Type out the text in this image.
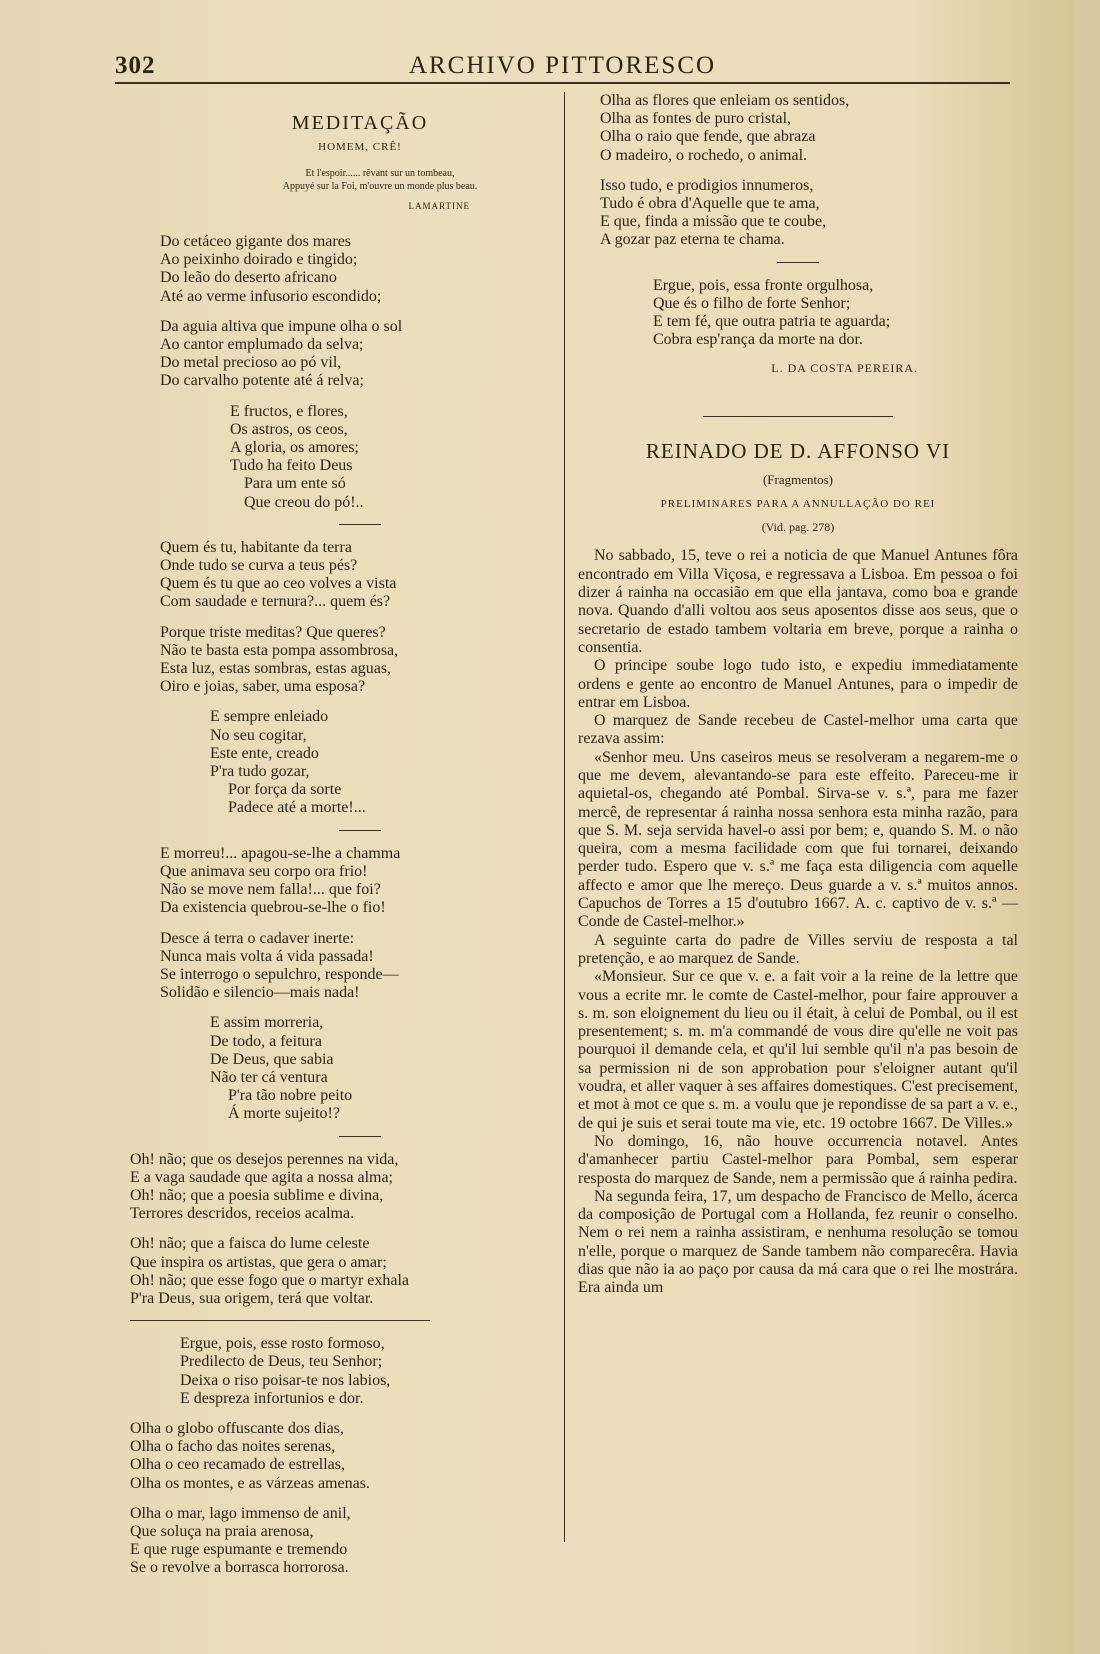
302	ARCHIVO PITTORESCO
MEDITAÇÃO
HOMEM, CRÊ!
Et l'espoir...... rêvant sur un tombeau,
Appuyé sur la Foi, m'ouvre un monde plus beau.
LAMARTINE
Do cetáceo gigante dos mares
Ao peixinho doirado e tingido;
Do leão do deserto africano
Até ao verme infusorio escondido;
Da aguia altiva que impune olha o sol
Ao cantor emplumado da selva;
Do metal precioso ao pó vil,
Do carvalho potente até á relva;
E fructos, e flores,
Os astros, os ceos,
A gloria, os amores;
Tudo ha feito Deus
Para um ente só
Que creou do pó!..
Quem és tu, habitante da terra
Onde tudo se curva a teus pés?
Quem és tu que ao ceo volves a vista
Com saudade e ternura?... quem és?
Porque triste meditas? Que queres?
Não te basta esta pompa assombrosa,
Esta luz, estas sombras, estas aguas,
Oiro e joias, saber, uma esposa?
E sempre enleiado
No seu cogitar,
Este ente, creado
P'ra tudo gozar,
Por força da sorte
Padece até a morte!...
E morreu!... apagou-se-lhe a chamma
Que animava seu corpo ora frio!
Não se move nem falla!... que foi?
Da existencia quebrou-se-lhe o fio!
Desce á terra o cadaver inerte:
Nunca mais volta á vida passada!
Se interrogo o sepulchro, responde—
Solidão e silencio—mais nada!
E assim morreria,
De todo, a feitura
De Deus, que sabia
Não ter cá ventura
P'ra tão nobre peito
Á morte sujeito!?
Oh! não; que os desejos perennes na vida,
E a vaga saudade que agita a nossa alma;
Oh! não; que a poesia sublime e divina,
Terrores descridos, receios acalma.
Oh! não; que a faisca do lume celeste
Que inspira os artistas, que gera o amar;
Oh! não; que esse fogo que o martyr exhala
P'ra Deus, sua origem, terá que voltar.
Ergue, pois, esse rosto formoso,
Predilecto de Deus, teu Senhor;
Deixa o riso poisar-te nos labios,
E despreza infortunios e dor.
Olha o globo offuscante dos dias,
Olha o facho das noites serenas,
Olha o ceo recamado de estrellas,
Olha os montes, e as várzeas amenas.
Olha o mar, lago immenso de anil,
Que soluça na praia arenosa,
E que ruge espumante e tremendo
Se o revolve a borrasca horrorosa.
Olha as flores que enleiam os sentidos,
Olha as fontes de puro cristal,
Olha o raio que fende, que abraza
O madeiro, o rochedo, o animal.
Isso tudo, e prodigios innumeros,
Tudo é obra d'Aquelle que te ama,
E que, finda a missão que te coube,
A gozar paz eterna te chama.
Ergue, pois, essa fronte orgulhosa,
Que és o filho de forte Senhor;
E tem fé, que outra patria te aguarda;
Cobra esp'rança da morte na dor.
L. DA COSTA PEREIRA.
REINADO DE D. AFFONSO VI
(Fragmentos)
PRELIMINARES PARA A ANNULLAÇÃO DO REI
(Vid. pag. 278)

No sabbado, 15, teve o rei a noticia de que Manuel Antunes fôra encontrado em Villa Viçosa, e regressava a Lisboa. Em pessoa o foi dizer á rainha na occasião em que ella jantava, como boa e grande nova. Quando d'alli voltou aos seus aposentos disse aos seus, que o secretario de estado tambem voltaria em breve, porque a rainha o consentia.

O principe soube logo tudo isto, e expediu immediatamente ordens e gente ao encontro de Manuel Antunes, para o impedir de entrar em Lisboa.

O marquez de Sande recebeu de Castel-melhor uma carta que rezava assim:

«Senhor meu. Uns caseiros meus se resolveram a negarem-me o que me devem, alevantando-se para este effeito. Pareceu-me ir aquietal-os, chegando até Pombal. Sirva-se v. s.ª, para me fazer mercê, de representar á rainha nossa senhora esta minha razão, para que S. M. seja servida havel-o assi por bem; e, quando S. M. o não queira, com a mesma facilidade com que fui tornarei, deixando perder tudo. Espero que v. s.ª me faça esta diligencia com aquelle affecto e amor que lhe mereço. Deus guarde a v. s.ª muitos annos. Capuchos de Torres a 15 d'outubro 1667. A. c. captivo de v. s.ª — Conde de Castel-melhor.»

A seguinte carta do padre de Villes serviu de resposta a tal pretenção, e ao marquez de Sande.

«Monsieur. Sur ce que v. e. a fait voir a la reine de la lettre que vous a ecrite mr. le comte de Castel-melhor, pour faire approuver a s. m. son eloignement du lieu ou il était, à celui de Pombal, ou il est presentement; s. m. m'a commandé de vous dire qu'elle ne voit pas pourquoi il demande cela, et qu'il lui semble qu'il n'a pas besoin de sa permission ni de son approbation pour s'eloigner autant qu'il voudra, et aller vaquer à ses affaires domestiques. C'est precisement, et mot à mot ce que s. m. a voulu que je repondisse de sa part a v. e., de qui je suis et serai toute ma vie, etc. 19 octobre 1667. De Villes.»

No domingo, 16, não houve occurrencia notavel. Antes d'amanhecer partiu Castel-melhor para Pombal, sem esperar resposta do marquez de Sande, nem a permissão que á rainha pedira.

Na segunda feira, 17, um despacho de Francisco de Mello, ácerca da composição de Portugal com a Hollanda, fez reunir o conselho. Nem o rei nem a rainha assistiram, e nenhuma resolução se tomou n'elle, porque o marquez de Sande tambem não comparecêra. Havia dias que não ia ao paço por causa da má cara que o rei lhe mostrára. Era ainda um
